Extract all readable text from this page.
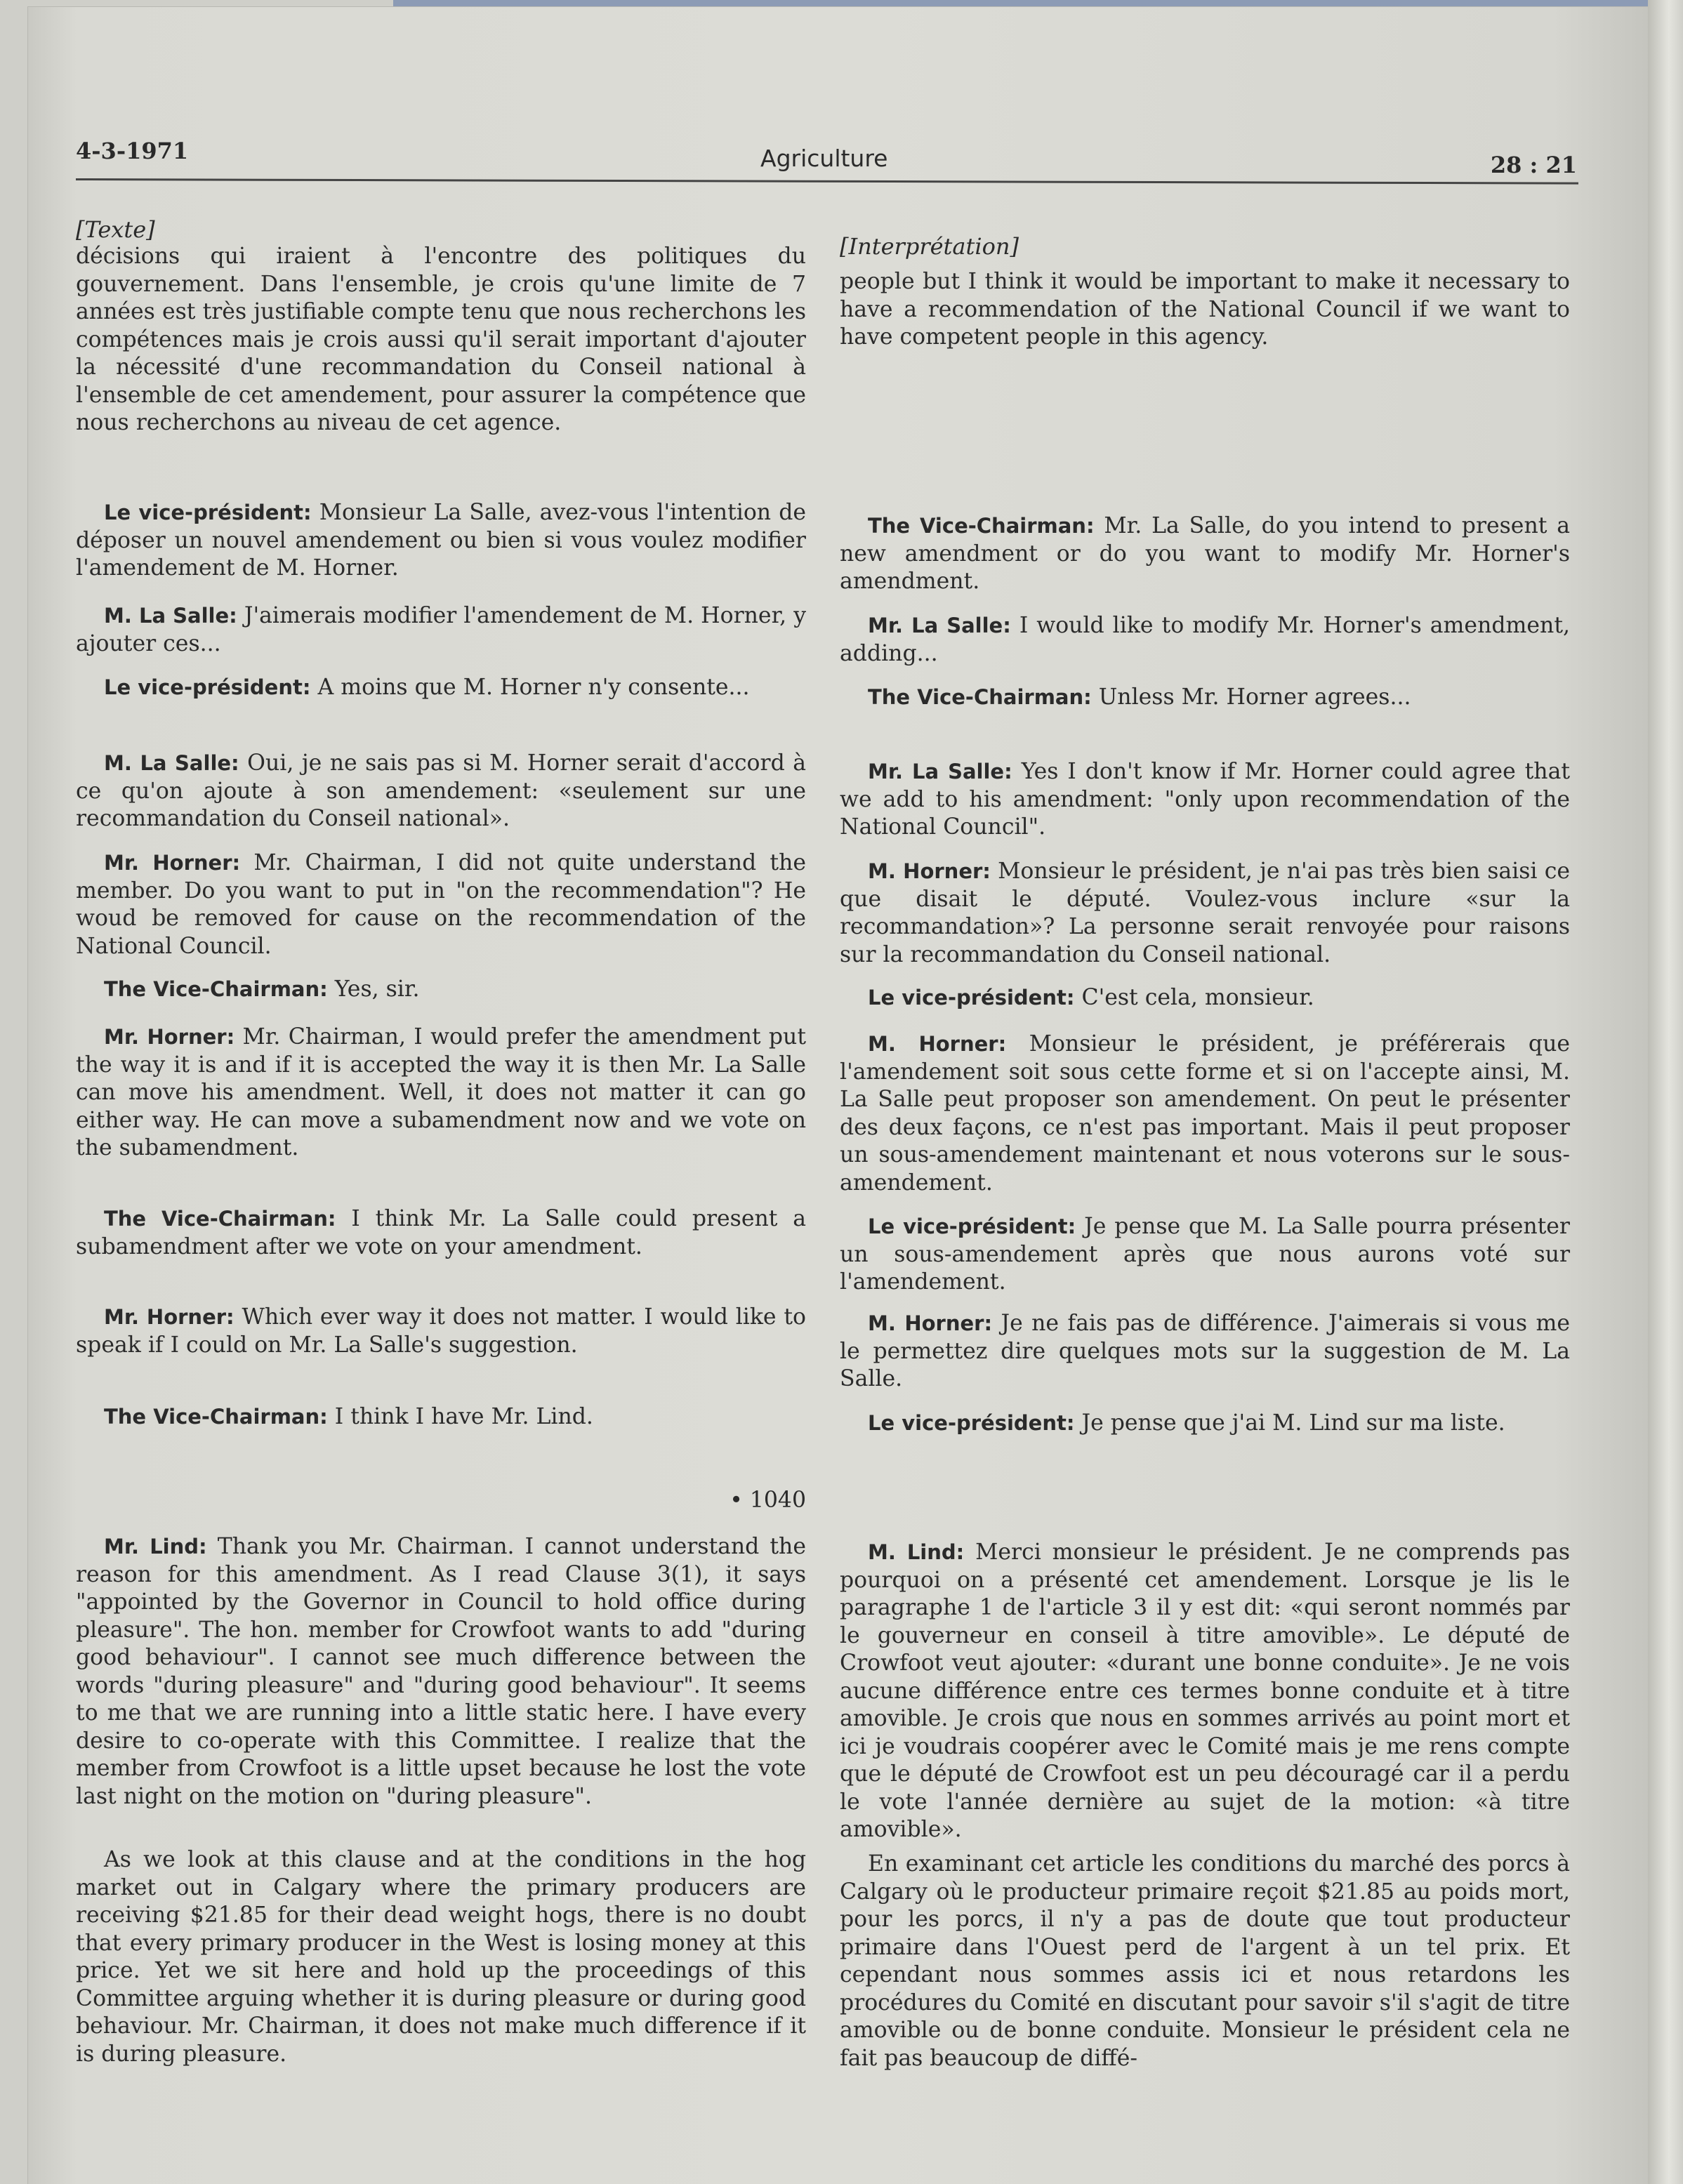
4-3-1971	Agriculture	28 : 21
[Texte]

décisions qui iraient à l'encontre des politiques du gouvernement. Dans l'ensemble, je crois qu'une limite de 7 années est très justifiable compte tenu que nous recherchons les compétences mais je crois aussi qu'il serait important d'ajouter la nécessité d'une recommandation du Conseil national à l'ensemble de cet amendement, pour assurer la compétence que nous recherchons au niveau de cet agence.

Le vice-président: Monsieur La Salle, avez-vous l'intention de déposer un nouvel amendement ou bien si vous voulez modifier l'amendement de M. Horner.

M. La Salle: J'aimerais modifier l'amendement de M. Horner, y ajouter ces...

Le vice-président: A moins que M. Horner n'y consente...

M. La Salle: Oui, je ne sais pas si M. Horner serait d'accord à ce qu'on ajoute à son amendement: «seulement sur une recommandation du Conseil national».

Mr. Horner: Mr. Chairman, I did not quite understand the member. Do you want to put in "on the recommendation"? He woud be removed for cause on the recommendation of the National Council.

The Vice-Chairman: Yes, sir.

Mr. Horner: Mr. Chairman, I would prefer the amendment put the way it is and if it is accepted the way it is then Mr. La Salle can move his amendment. Well, it does not matter it can go either way. He can move a subamendment now and we vote on the subamendment.

The Vice-Chairman: I think Mr. La Salle could present a subamendment after we vote on your amendment.

Mr. Horner: Which ever way it does not matter. I would like to speak if I could on Mr. La Salle's suggestion.

The Vice-Chairman: I think I have Mr. Lind.

• 1040

Mr. Lind: Thank you Mr. Chairman. I cannot understand the reason for this amendment. As I read Clause 3(1), it says "appointed by the Governor in Council to hold office during pleasure". The hon. member for Crowfoot wants to add "during good behaviour". I cannot see much difference between the words "during pleasure" and "during good behaviour". It seems to me that we are running into a little static here. I have every desire to co-operate with this Committee. I realize that the member from Crowfoot is a little upset because he lost the vote last night on the motion on "during pleasure".

As we look at this clause and at the conditions in the hog market out in Calgary where the primary producers are receiving $21.85 for their dead weight hogs, there is no doubt that every primary producer in the West is losing money at this price. Yet we sit here and hold up the proceedings of this Committee arguing whether it is during pleasure or during good behaviour. Mr. Chairman, it does not make much difference if it is during pleasure.

[Interprétation]

people but I think it would be important to make it necessary to have a recommendation of the National Council if we want to have competent people in this agency.

The Vice-Chairman: Mr. La Salle, do you intend to present a new amendment or do you want to modify Mr. Horner's amendment.

Mr. La Salle: I would like to modify Mr. Horner's amendment, adding...

The Vice-Chairman: Unless Mr. Horner agrees...

Mr. La Salle: Yes I don't know if Mr. Horner could agree that we add to his amendment: "only upon recommendation of the National Council".

M. Horner: Monsieur le président, je n'ai pas très bien saisi ce que disait le député. Voulez-vous inclure «sur la recommandation»? La personne serait renvoyée pour raisons sur la recommandation du Conseil national.

Le vice-président: C'est cela, monsieur.

M. Horner: Monsieur le président, je préférerais que l'amendement soit sous cette forme et si on l'accepte ainsi, M. La Salle peut proposer son amendement. On peut le présenter des deux façons, ce n'est pas important. Mais il peut proposer un sous-amendement maintenant et nous voterons sur le sous-amendement.

Le vice-président: Je pense que M. La Salle pourra présenter un sous-amendement après que nous aurons voté sur l'amendement.

M. Horner: Je ne fais pas de différence. J'aimerais si vous me le permettez dire quelques mots sur la suggestion de M. La Salle.

Le vice-président: Je pense que j'ai M. Lind sur ma liste.

M. Lind: Merci monsieur le président. Je ne comprends pas pourquoi on a présenté cet amendement. Lorsque je lis le paragraphe 1 de l'article 3 il y est dit: «qui seront nommés par le gouverneur en conseil à titre amovible». Le député de Crowfoot veut ajouter: «durant une bonne conduite». Je ne vois aucune différence entre ces termes bonne conduite et à titre amovible. Je crois que nous en sommes arrivés au point mort et ici je voudrais coopérer avec le Comité mais je me rens compte que le député de Crowfoot est un peu découragé car il a perdu le vote l'année dernière au sujet de la motion: «à titre amovible».

En examinant cet article les conditions du marché des porcs à Calgary où le producteur primaire reçoit $21.85 au poids mort, pour les porcs, il n'y a pas de doute que tout producteur primaire dans l'Ouest perd de l'argent à un tel prix. Et cependant nous sommes assis ici et nous retardons les procédures du Comité en discutant pour savoir s'il s'agit de titre amovible ou de bonne conduite. Monsieur le président cela ne fait pas beaucoup de diffé-
